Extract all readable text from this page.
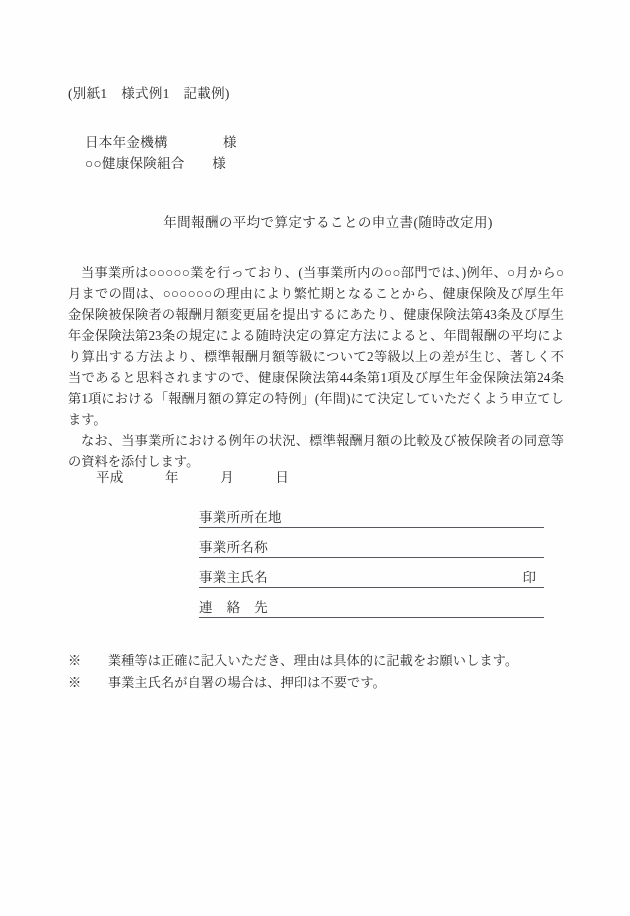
(別紙1　様式例1　記載例)
日本年金機構　　　　様
○○健康保険組合　　様
年間報酬の平均で算定することの申立書(随時改定用)

当事業所は○○○○○業を行っており、(当事業所内の○○部門では、)例年、○月から○月までの間は、○○○○○○の理由により繁忙期となることから、健康保険及び厚生年金保険被保険者の報酬月額変更届を提出するにあたり、健康保険法第43条及び厚生年金保険法第23条の規定による随時決定の算定方法によると、年間報酬の平均により算出する方法より、標準報酬月額等級について2等級以上の差が生じ、著しく不当であると思料されますので、健康保険法第44条第1項及び厚生年金保険法第24条第1項における「報酬月額の算定の特例」(年間)にて決定していただくよう申立てします。

なお、当事業所における例年の状況、標準報酬月額の比較及び被保険者の同意等の資料を添付します。

平成　　　年　　　月　　　日
事業所所在地
事業所名称
事業主氏名	印
連　絡　先
※　　業種等は正確に記入いただき、理由は具体的に記載をお願いします。
※　　事業主氏名が自署の場合は、押印は不要です。
